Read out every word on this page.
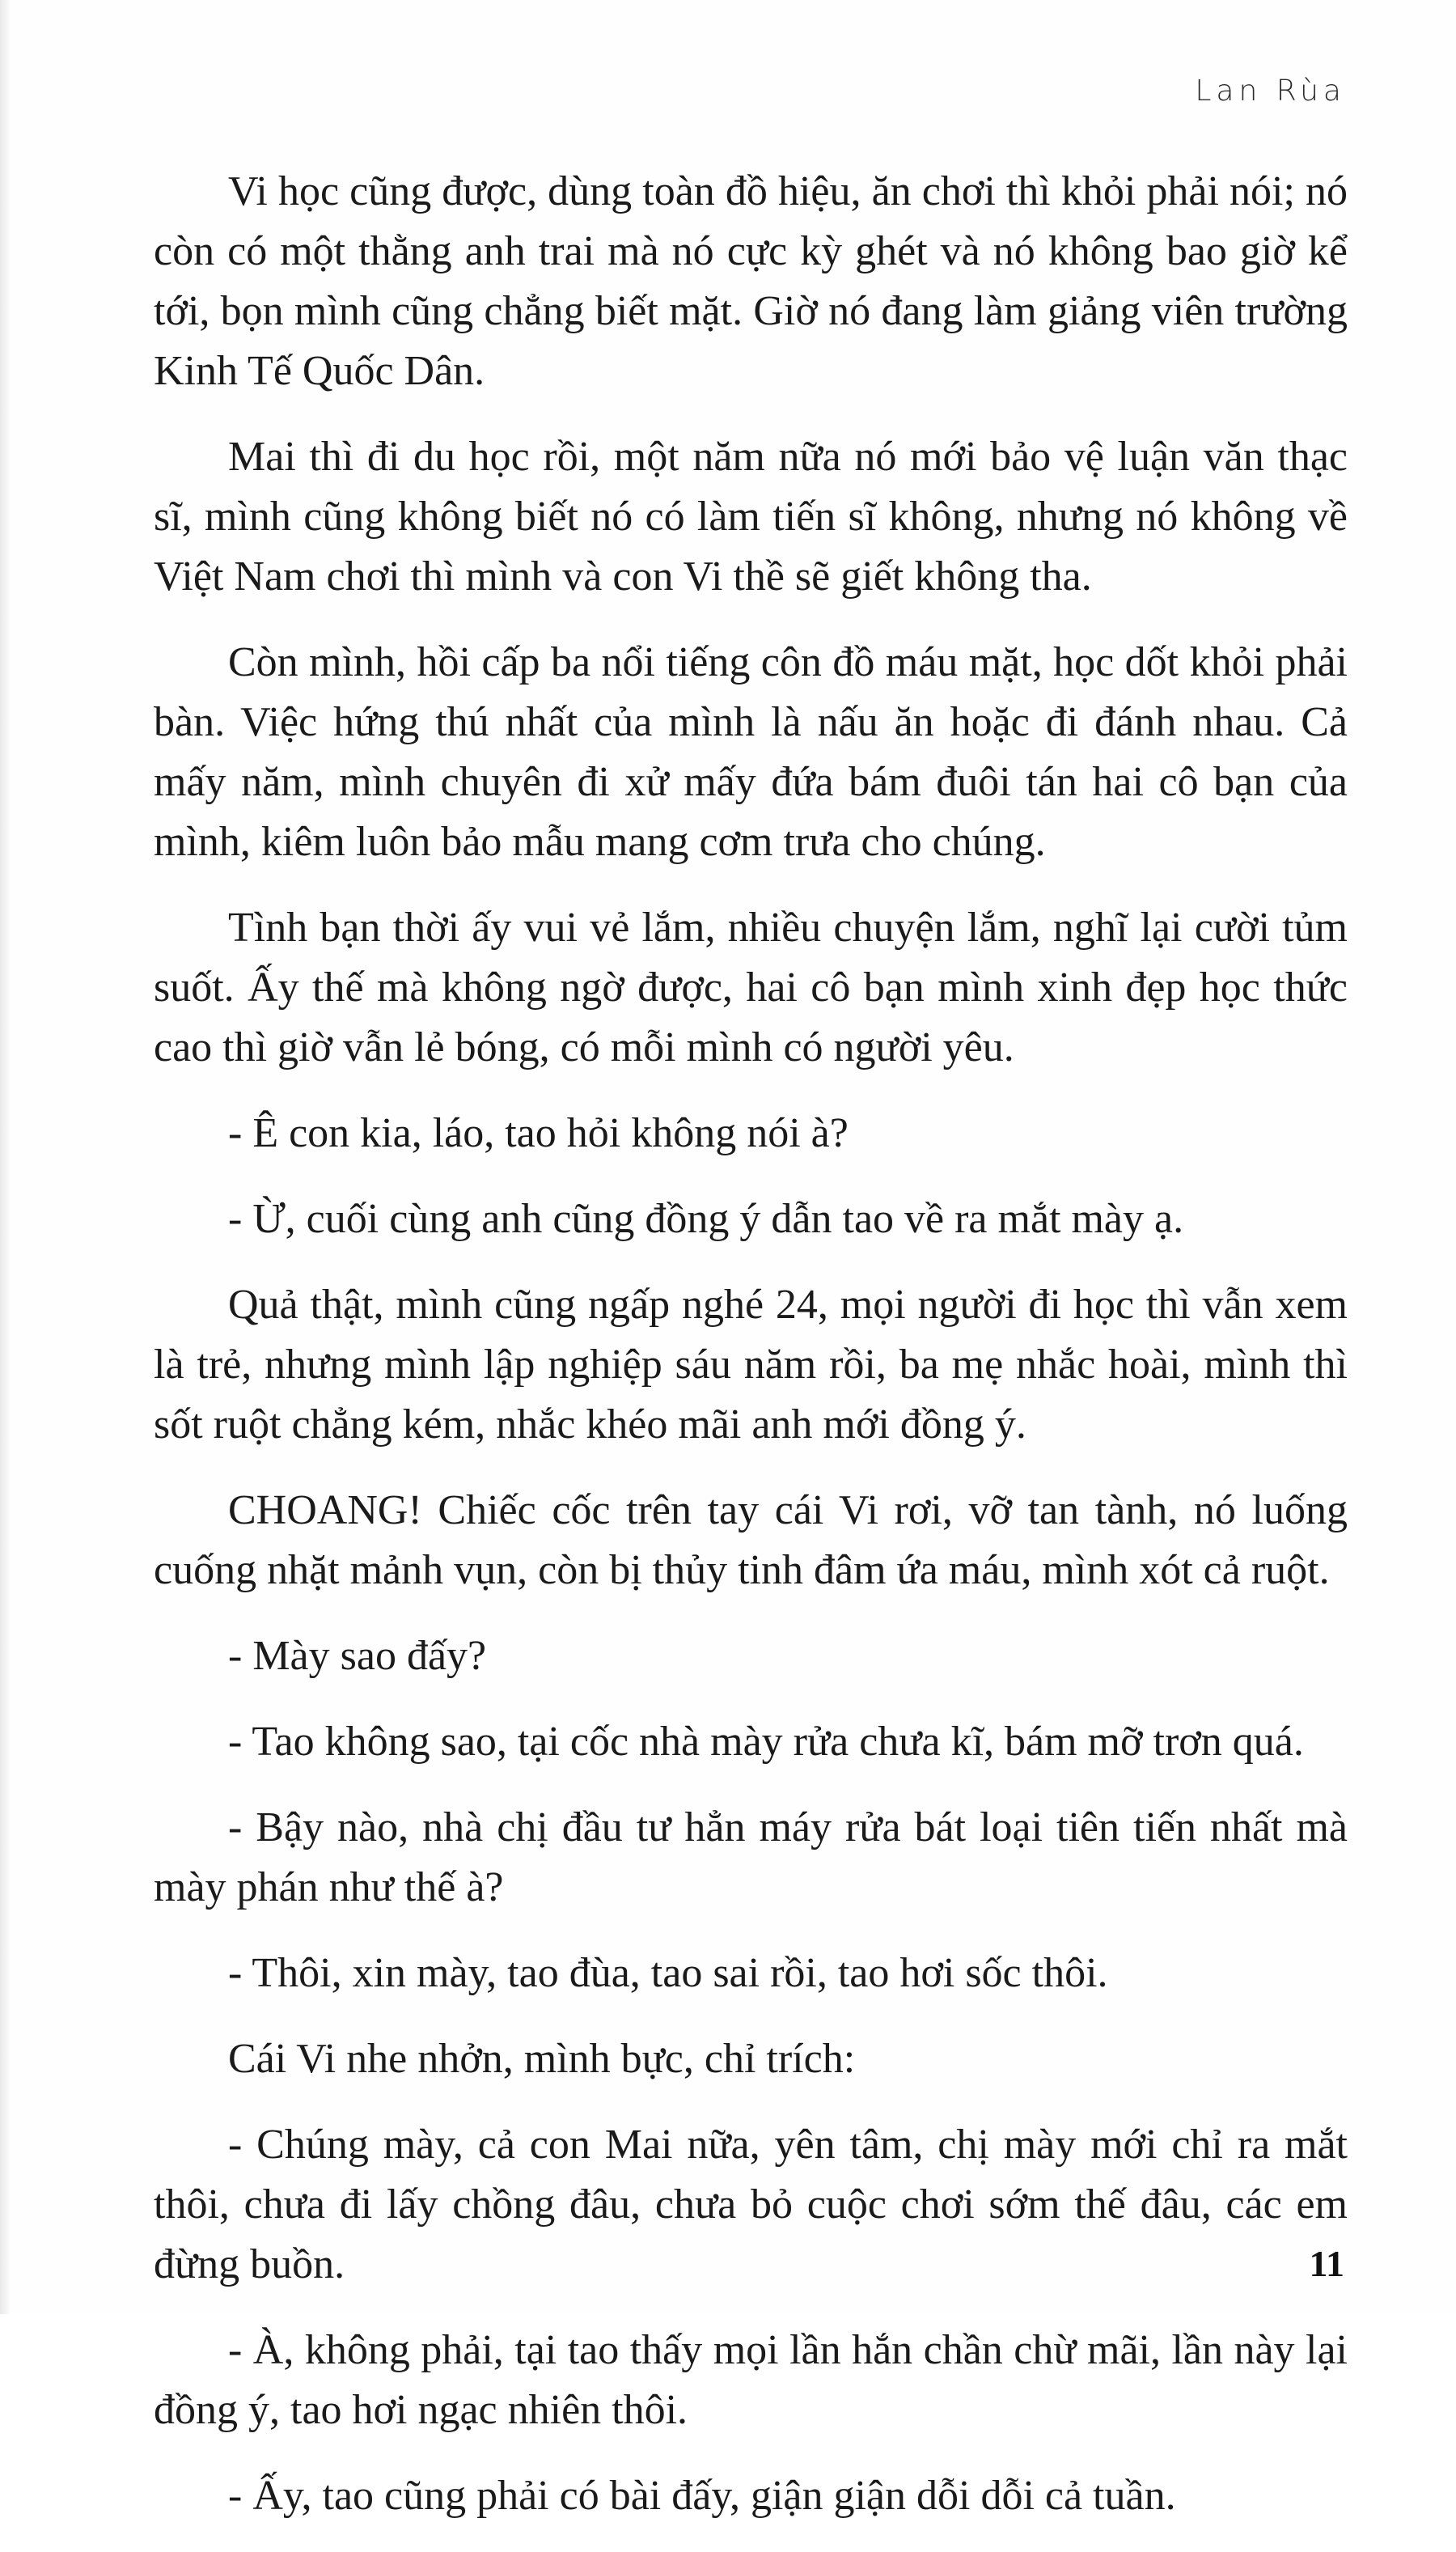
Lan Rùa

Vi học cũng được, dùng toàn đồ hiệu, ăn chơi thì khỏi phải nói; nó còn có một thằng anh trai mà nó cực kỳ ghét và nó không bao giờ kể tới, bọn mình cũng chẳng biết mặt. Giờ nó đang làm giảng viên trường Kinh Tế Quốc Dân.

Mai thì đi du học rồi, một năm nữa nó mới bảo vệ luận văn thạc sĩ, mình cũng không biết nó có làm tiến sĩ không, nhưng nó không về Việt Nam chơi thì mình và con Vi thề sẽ giết không tha.

Còn mình, hồi cấp ba nổi tiếng côn đồ máu mặt, học dốt khỏi phải bàn. Việc hứng thú nhất của mình là nấu ăn hoặc đi đánh nhau. Cả mấy năm, mình chuyên đi xử mấy đứa bám đuôi tán hai cô bạn của mình, kiêm luôn bảo mẫu mang cơm trưa cho chúng.

Tình bạn thời ấy vui vẻ lắm, nhiều chuyện lắm, nghĩ lại cười tủm suốt. Ấy thế mà không ngờ được, hai cô bạn mình xinh đẹp học thức cao thì giờ vẫn lẻ bóng, có mỗi mình có người yêu.

- Ê con kia, láo, tao hỏi không nói à?

- Ừ, cuối cùng anh cũng đồng ý dẫn tao về ra mắt mày ạ.

Quả thật, mình cũng ngấp nghé 24, mọi người đi học thì vẫn xem là trẻ, nhưng mình lập nghiệp sáu năm rồi, ba mẹ nhắc hoài, mình thì sốt ruột chẳng kém, nhắc khéo mãi anh mới đồng ý.

CHOANG! Chiếc cốc trên tay cái Vi rơi, vỡ tan tành, nó luống cuống nhặt mảnh vụn, còn bị thủy tinh đâm ứa máu, mình xót cả ruột.

- Mày sao đấy?

- Tao không sao, tại cốc nhà mày rửa chưa kĩ, bám mỡ trơn quá.

- Bậy nào, nhà chị đầu tư hẳn máy rửa bát loại tiên tiến nhất mà mày phán như thế à?

- Thôi, xin mày, tao đùa, tao sai rồi, tao hơi sốc thôi.

Cái Vi nhe nhởn, mình bực, chỉ trích:

- Chúng mày, cả con Mai nữa, yên tâm, chị mày mới chỉ ra mắt thôi, chưa đi lấy chồng đâu, chưa bỏ cuộc chơi sớm thế đâu, các em đừng buồn.

- À, không phải, tại tao thấy mọi lần hắn chần chừ mãi, lần này lại đồng ý, tao hơi ngạc nhiên thôi.

- Ấy, tao cũng phải có bài đấy, giận giận dỗi dỗi cả tuần.

11
